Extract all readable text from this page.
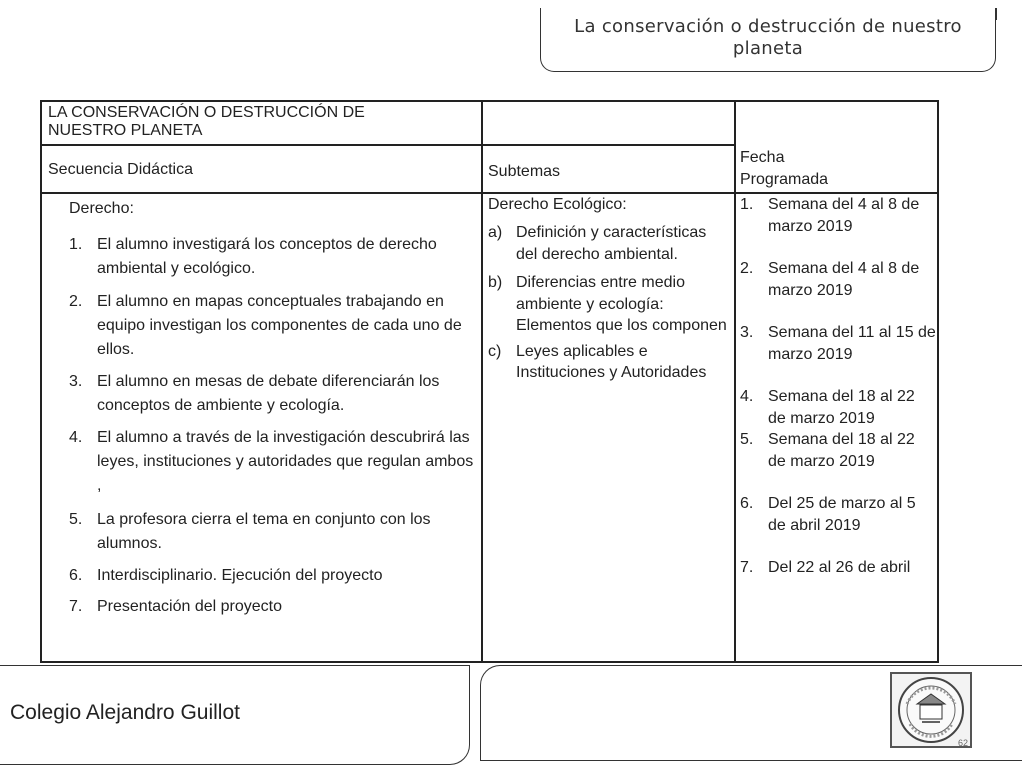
La conservación o destrucción de nuestro
planeta
LA CONSERVACIÓN O DESTRUCCIÓN DE
NUESTRO PLANETA
Secuencia Didáctica	Subtemas
Fecha
Programada
Derecho:
1. El alumno investigará los conceptos de derecho ambiental y ecológico.
2. El alumno en mapas conceptuales trabajando en equipo investigan los componentes de cada uno de ellos.
3. El alumno en mesas de debate diferenciarán los conceptos de ambiente y ecología.
4. El alumno a través de la investigación descubrirá las leyes, instituciones y autoridades que regulan ambos ,
5. La profesora cierra el tema en conjunto con los alumnos.
6. Interdisciplinario. Ejecución del proyecto
7. Presentación del proyecto
Derecho Ecológico:
a) Definición y características del derecho ambiental.
b) Diferencias entre medio ambiente y ecología: Elementos que los componen
c) Leyes aplicables e Instituciones y Autoridades
1. Semana del 4 al 8 de marzo 2019
2. Semana del 4 al 8 de marzo 2019
3. Semana del 11 al 15 de marzo 2019
4. Semana del 18 al 22 de marzo 2019
5. Semana del 18 al 22 de marzo 2019
6. Del 25 de marzo al 5 de abril 2019
7. Del 22 al 26 de abril
Colegio Alejandro Guillot
62
